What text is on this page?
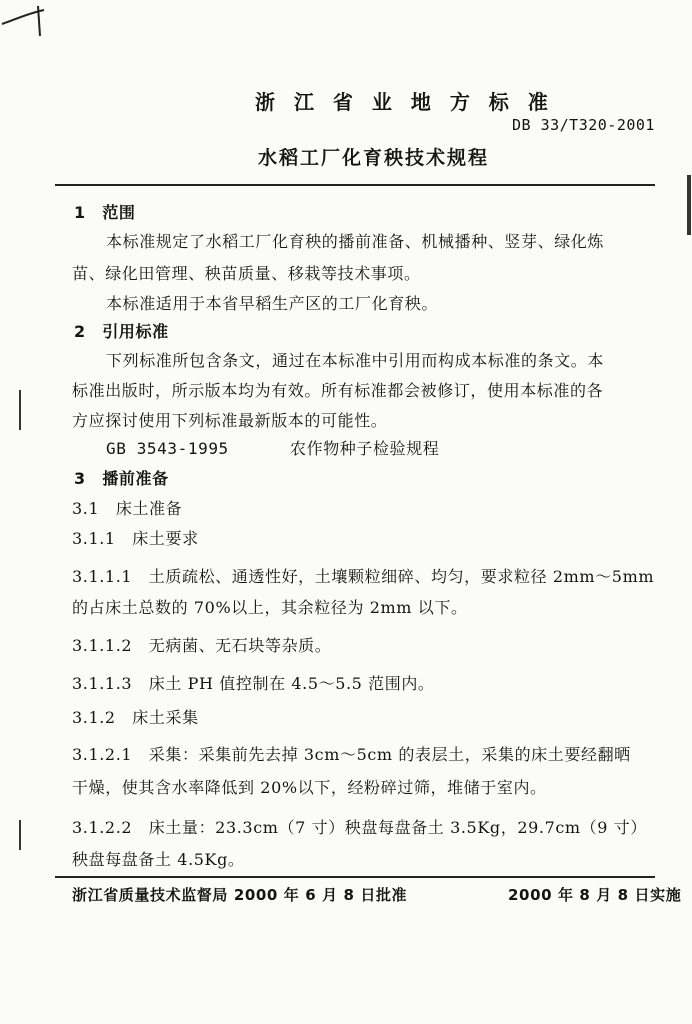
浙 江 省 业 地 方 标 准
DB 33/T320-2001
水稻工厂化育秧技术规程
1　范围
本标准规定了水稻工厂化育秧的播前准备、机械播种、竖芽、绿化炼
苗、绿化田管理、秧苗质量、移栽等技术事项。
本标准适用于本省早稻生产区的工厂化育秧。
2　引用标准
下列标准所包含条文，通过在本标准中引用而构成本标准的条文。本
标准出版时，所示版本均为有效。所有标准都会被修订，使用本标准的各
方应探讨使用下列标准最新版本的可能性。
GB 3543-1995	农作物种子检验规程
3　播前准备
3.1　床土准备
3.1.1　床土要求
3.1.1.1　土质疏松、通透性好，土壤颗粒细碎、均匀，要求粒径 2mm～5mm
的占床土总数的 70%以上，其余粒径为 2mm 以下。
3.1.1.2　无病菌、无石块等杂质。
3.1.1.3　床土 PH 值控制在 4.5～5.5 范围内。
3.1.2　床土采集
3.1.2.1　采集：采集前先去掉 3cm～5cm 的表层土，采集的床土要经翻晒
干燥，使其含水率降低到 20%以下，经粉碎过筛，堆储于室内。
3.1.2.2　床土量：23.3cm（7 寸）秧盘每盘备土 3.5Kg，29.7cm（9 寸）
秧盘每盘备土 4.5Kg。
浙江省质量技术监督局 2000 年 6 月 8 日批准	2000 年 8 月 8 日实施
